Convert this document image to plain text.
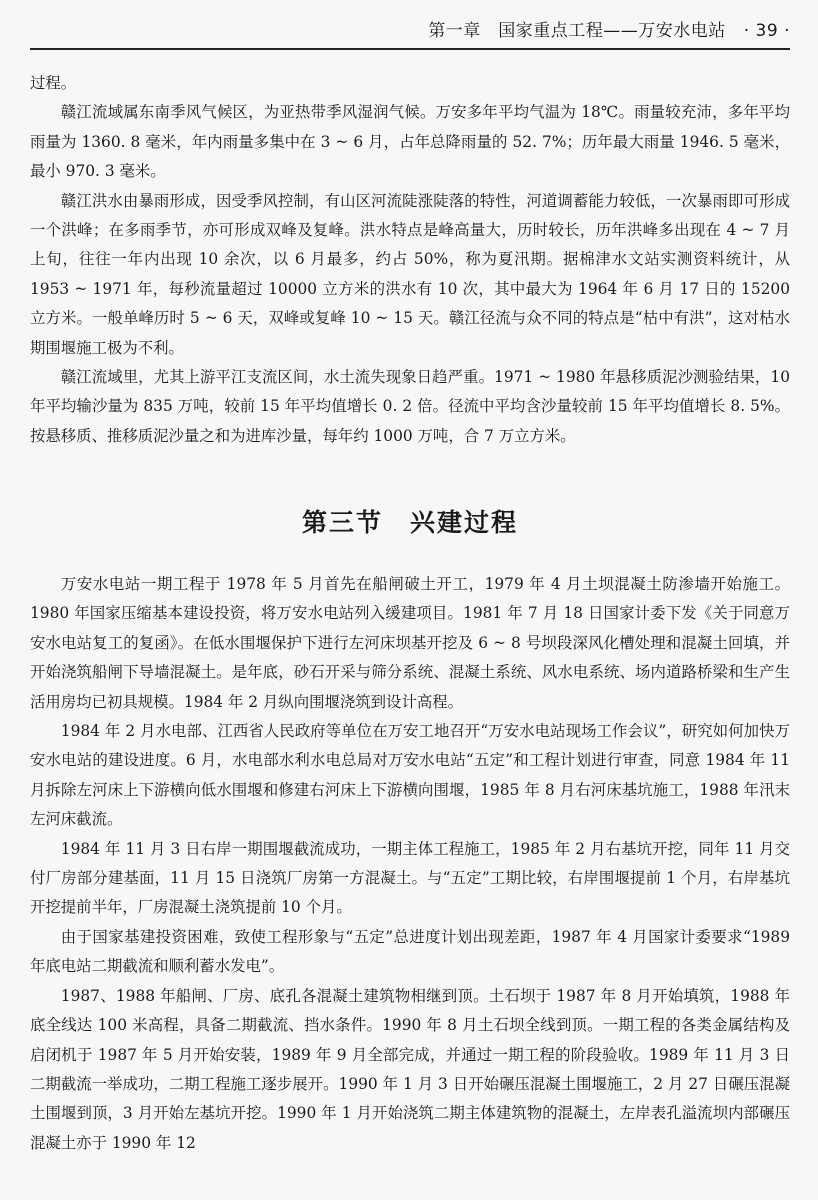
第一章　国家重点工程——万安水电站 · 39 ·

过程。

赣江流域属东南季风气候区，为亚热带季风湿润气候。万安多年平均气温为 18℃。雨量较充沛，多年平均雨量为 1360. 8 毫米，年内雨量多集中在 3 ~ 6 月，占年总降雨量的 52. 7%；历年最大雨量 1946. 5 毫米，最小 970. 3 毫米。

赣江洪水由暴雨形成，因受季风控制，有山区河流陡涨陡落的特性，河道调蓄能力较低，一次暴雨即可形成一个洪峰；在多雨季节，亦可形成双峰及复峰。洪水特点是峰高量大，历时较长，历年洪峰多出现在 4 ~ 7 月上旬，往往一年内出现 10 余次，以 6 月最多，约占 50%，称为夏汛期。据棉津水文站实测资料统计，从 1953 ~ 1971 年，每秒流量超过 10000 立方米的洪水有 10 次，其中最大为 1964 年 6 月 17 日的 15200 立方米。一般单峰历时 5 ~ 6 天，双峰或复峰 10 ~ 15 天。赣江径流与众不同的特点是“枯中有洪”，这对枯水期围堰施工极为不利。

赣江流域里，尤其上游平江支流区间，水土流失现象日趋严重。1971 ~ 1980 年悬移质泥沙测验结果，10 年平均输沙量为 835 万吨，较前 15 年平均值增长 0. 2 倍。径流中平均含沙量较前 15 年平均值增长 8. 5%。按悬移质、推移质泥沙量之和为进库沙量，每年约 1000 万吨，合 7 万立方米。

第三节　兴建过程

万安水电站一期工程于 1978 年 5 月首先在船闸破土开工，1979 年 4 月土坝混凝土防渗墙开始施工。1980 年国家压缩基本建设投资，将万安水电站列入缓建项目。1981 年 7 月 18 日国家计委下发《关于同意万安水电站复工的复函》。在低水围堰保护下进行左河床坝基开挖及 6 ~ 8 号坝段深风化槽处理和混凝土回填，并开始浇筑船闸下导墙混凝土。是年底，砂石开采与筛分系统、混凝土系统、风水电系统、场内道路桥梁和生产生活用房均已初具规模。1984 年 2 月纵向围堰浇筑到设计高程。

1984 年 2 月水电部、江西省人民政府等单位在万安工地召开“万安水电站现场工作会议”，研究如何加快万安水电站的建设进度。6 月，水电部水利水电总局对万安水电站“五定”和工程计划进行审查，同意 1984 年 11 月拆除左河床上下游横向低水围堰和修建右河床上下游横向围堰，1985 年 8 月右河床基坑施工，1988 年汛末左河床截流。

1984 年 11 月 3 日右岸一期围堰截流成功，一期主体工程施工，1985 年 2 月右基坑开挖，同年 11 月交付厂房部分建基面，11 月 15 日浇筑厂房第一方混凝土。与“五定”工期比较，右岸围堰提前 1 个月，右岸基坑开挖提前半年，厂房混凝土浇筑提前 10 个月。

由于国家基建投资困难，致使工程形象与“五定”总进度计划出现差距，1987 年 4 月国家计委要求“1989 年底电站二期截流和顺利蓄水发电”。

1987、1988 年船闸、厂房、底孔各混凝土建筑物相继到顶。土石坝于 1987 年 8 月开始填筑，1988 年底全线达 100 米高程，具备二期截流、挡水条件。1990 年 8 月土石坝全线到顶。一期工程的各类金属结构及启闭机于 1987 年 5 月开始安装，1989 年 9 月全部完成，并通过一期工程的阶段验收。1989 年 11 月 3 日二期截流一举成功，二期工程施工逐步展开。1990 年 1 月 3 日开始碾压混凝土围堰施工，2 月 27 日碾压混凝土围堰到顶，3 月开始左基坑开挖。1990 年 1 月开始浇筑二期主体建筑物的混凝土，左岸表孔溢流坝内部碾压混凝土亦于 1990 年 12
